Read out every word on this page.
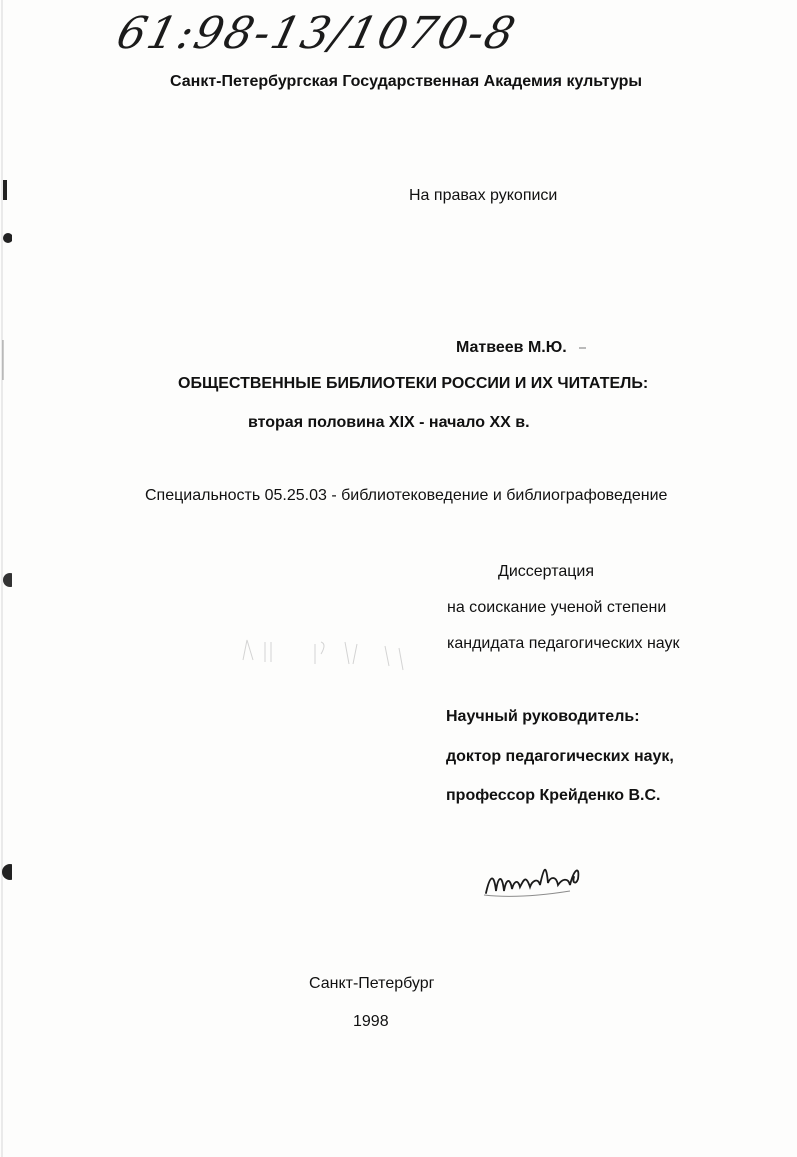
61:98-13/1070-8
Санкт-Петербургская Государственная Академия культуры
На правах рукописи
Матвеев М.Ю.
ОБЩЕСТВЕННЫЕ БИБЛИОТЕКИ РОССИИ И ИХ ЧИТАТЕЛЬ:
вторая половина XIX - начало XX в.
Специальность 05.25.03 - библиотековедение и библиографоведение
Диссертация
на соискание ученой степени
кандидата педагогических наук
Научный руководитель:
доктор педагогических наук,
профессор Крейденко В.С.
Санкт-Петербург
1998
